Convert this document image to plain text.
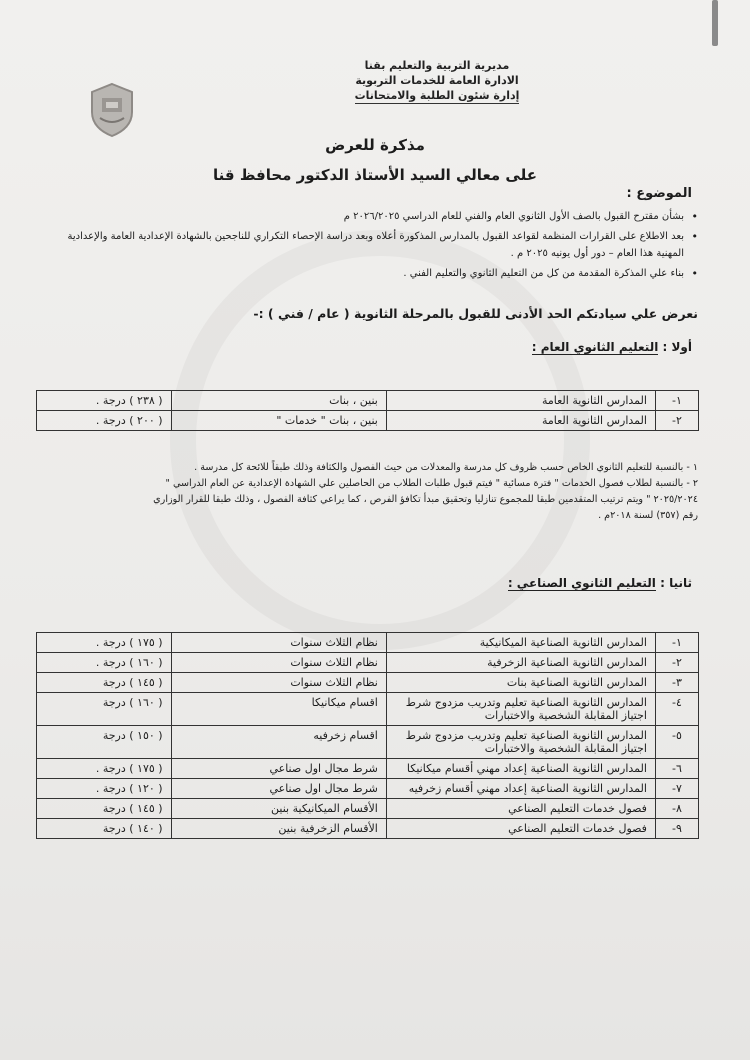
مديرية التربية والتعليم بقنا
الادارة العامة للخدمات التربوية
إدارة شئون الطلبة والامتحانات
مذكرة للعرض
على معالي السيد الأستاذ الدكتور محافظ قنا
الموضوع :
• بشأن مقترح القبول بالصف الأول الثانوي العام والفني للعام الدراسي ٢٠٢٦/٢٠٢٥ م
• بعد الاطلاع على القرارات المنظمة لقواعد القبول بالمدارس المذكورة أعلاه وبعد دراسة الإحصاء التكراري للناجحين بالشهادة الإعدادية العامة والإعدادية المهنية هذا العام – دور أول يونيه ٢٠٢٥ م .
• بناء علي المذكرة المقدمة من كل من التعليم الثانوي والتعليم الفني .
نعرض علي سيادتكم الحد الأدنى للقبول بالمرحلة الثانوية ( عام / فني ) :-
أولا : التعليم الثانوي العام :
١-	المدارس الثانوية العامة	بنين ، بنات	( ٢٣٨ ) درجة .
٢-	المدارس الثانوية العامة	بنين ، بنات " خدمات "	( ٢٠٠ ) درجة .
١ - بالنسبة للتعليم الثانوي الخاص حسب ظروف كل مدرسة والمعدلات من حيث الفصول والكثافة وذلك طبقاً للائحة كل مدرسة .
٢ - بالنسبة لطلاب فصول الخدمات " فترة مسائية " فيتم قبول طلبات الطلاب من الحاصلين علي الشهادة الإعدادية عن العام الدراسي "
٢٠٢٥/٢٠٢٤ " ويتم ترتيب المتقدمين طبقا للمجموع تنازليا وتحقيق مبدأ تكافؤ الفرص ، كما يراعي كثافة الفصول ، وذلك طبقا للقرار الوزاري
رقم (٣٥٧) لسنة ٢٠١٨م .
ثانيا : التعليم الثانوي الصناعي :
١-	المدارس الثانوية الصناعية الميكانيكية	نظام الثلاث سنوات	( ١٧٥ ) درجة .
٢-	المدارس الثانوية الصناعية الزخرفية	نظام الثلاث سنوات	( ١٦٠ ) درجة .
٣-	المدارس الثانوية الصناعية بنات	نظام الثلاث سنوات	( ١٤٥ ) درجة
٤-	المدارس الثانوية الصناعية تعليم وتدريب مزدوج شرط اجتياز المقابلة الشخصية والاختبارات	اقسام ميكانيكا	( ١٦٠ ) درجة
٥-	المدارس الثانوية الصناعية تعليم وتدريب مزدوج شرط اجتياز المقابلة الشخصية والاختبارات	اقسام زخرفيه	( ١٥٠ ) درجة
٦-	المدارس الثانوية الصناعية إعداد مهني أقسام ميكانيكا	شرط مجال اول صناعي	( ١٧٥ ) درجة .
٧-	المدارس الثانوية الصناعية إعداد مهني أقسام زخرفيه	شرط مجال اول صناعي	( ١٢٠ ) درجة .
٨-	فصول خدمات التعليم الصناعي	الأقسام الميكانيكية بنين	( ١٤٥ ) درجة
٩-	فصول خدمات التعليم الصناعي	الأقسام الزخرفية بنين	( ١٤٠ ) درجة
